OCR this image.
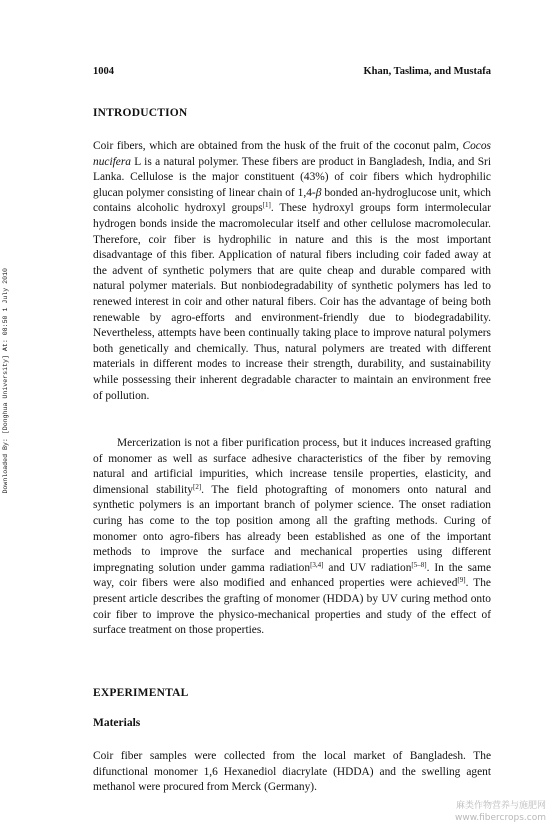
Downloaded By: [Donghua University] At: 08:50 1 July 2010
1004	Khan, Taslima, and Mustafa
INTRODUCTION

Coir fibers, which are obtained from the husk of the fruit of the coconut palm, Cocos nucifera L is a natural polymer. These fibers are product in Bangladesh, India, and Sri Lanka. Cellulose is the major constituent (43%) of coir fibers which hydrophilic glucan polymer consisting of linear chain of 1,4-β bonded an-hydroglucose unit, which contains alcoholic hydroxyl groups[1]. These hydroxyl groups form intermolecular hydrogen bonds inside the macromolecular itself and other cellulose macromolecular. Therefore, coir fiber is hydrophilic in nature and this is the most important disadvantage of this fiber. Application of natural fibers including coir faded away at the advent of synthetic polymers that are quite cheap and durable compared with natural polymer materials. But nonbiodegradability of synthetic polymers has led to renewed interest in coir and other natural fibers. Coir has the advantage of being both renewable by agro-efforts and environment-friendly due to biodegradability. Nevertheless, attempts have been continually taking place to improve natural polymers both genetically and chemically. Thus, natural polymers are treated with different materials in different modes to increase their strength, durability, and sustainability while possessing their inherent degradable character to maintain an environment free of pollution.

Mercerization is not a fiber purification process, but it induces increased grafting of monomer as well as surface adhesive characteristics of the fiber by removing natural and artificial impurities, which increase tensile properties, elasticity, and dimensional stability[2]. The field photografting of monomers onto natural and synthetic polymers is an important branch of polymer science. The onset radiation curing has come to the top position among all the grafting methods. Curing of monomer onto agro-fibers has already been established as one of the important methods to improve the surface and mechanical properties using different impregnating solution under gamma radiation[3,4] and UV radiation[5–8]. In the same way, coir fibers were also modified and enhanced properties were achieved[9]. The present article describes the grafting of monomer (HDDA) by UV curing method onto coir fiber to improve the physico-mechanical properties and study of the effect of surface treatment on those properties.

EXPERIMENTAL
Materials

Coir fiber samples were collected from the local market of Bangladesh. The difunctional monomer 1,6 Hexanediol diacrylate (HDDA) and the swelling agent methanol were procured from Merck (Germany).

麻类作物营养与施肥网
www.fibercrops.com
